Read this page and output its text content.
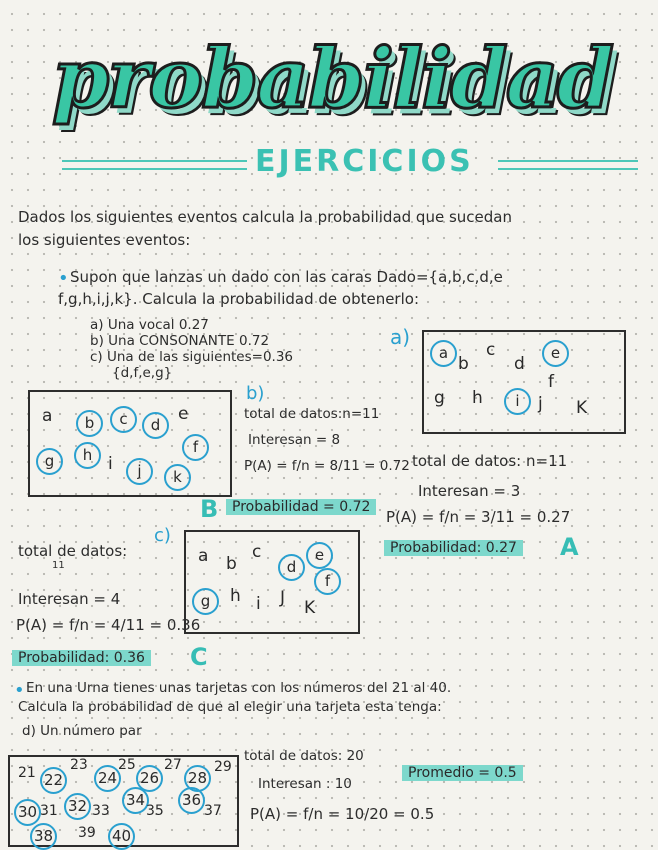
probabilidad
EJERCICIOS
Dados los siguientes eventos calcula la probabilidad que sucedan
los siguientes eventos:
• Supon que lanzas un dado con las caras Dado={a,b,c,d,e
f,g,h,i,j,k}. Calcula la probabilidad de obtenerlo:
a) Una vocal 0.27
b) Una CONSONANTE 0.72
c) Una de las siguientes=0.36
{d,f,e,g}
a)
a
b
c
d
e
f
g h	i	j K
total de datos: n=11
Interesan = 3
P(A) = f/n = 3/11 = 0.27
Probabilidad: 0.27 A
a	b	c	d
e
f
g	h i	j	k
b)
total de datos:n=11
Interesan = 8
P(A) = f/n = 8/11 = 0.72
B Probabilidad = 0.72
c)
a b
c
d
e
f
g	h i J K
total de datos:
11
Interesan = 4
P(A) = f/n = 4/11 = 0.36
Probabilidad: 0.36 C
• En una Urna tienes unas tarjetas con los números del 21 al 40.
Calcula la probabilidad de que al elegir una tarjeta esta tenga:
d) Un número par
21 22
23
24
25
26
27
28
29
30 31 32 33
34
35
36
37
38 39 40
total de datos: 20
Interesan : 10
P(A) = f/n = 10/20 = 0.5
Promedio = 0.5
